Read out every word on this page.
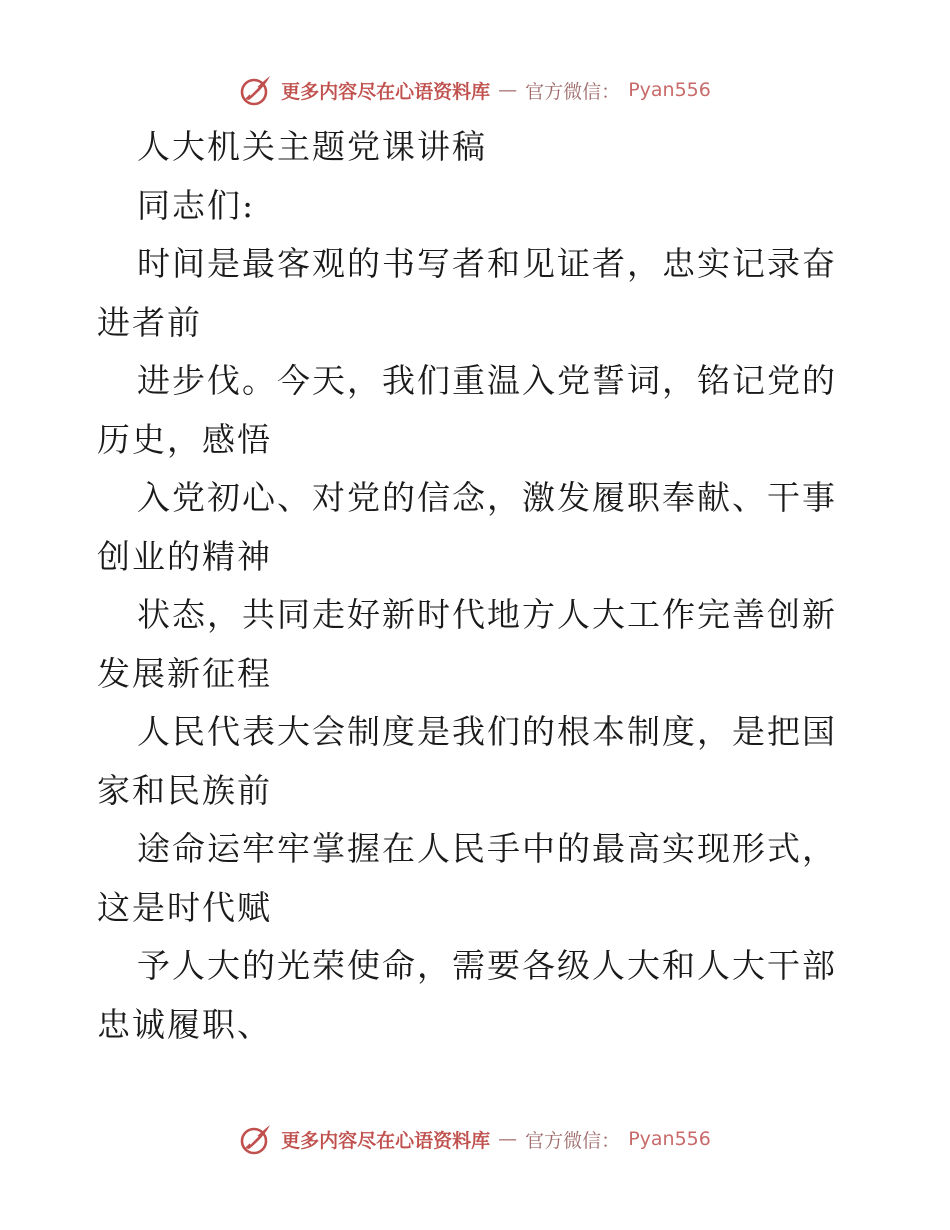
更多内容尽在心语资料库 — 官方微信： Pyan556

人大机关主题党课讲稿

同志们:

时间是最客观的书写者和见证者，忠实记录奋进者前

进步伐。今天，我们重温入党誓词，铭记党的历史，感悟

入党初心、对党的信念，激发履职奉献、干事创业的精神

状态，共同走好新时代地方人大工作完善创新发展新征程

人民代表大会制度是我们的根本制度，是把国家和民族前

途命运牢牢掌握在人民手中的最高实现形式，这是时代赋

予人大的光荣使命，需要各级人大和人大干部忠诚履职、

更多内容尽在心语资料库 — 官方微信： Pyan556
